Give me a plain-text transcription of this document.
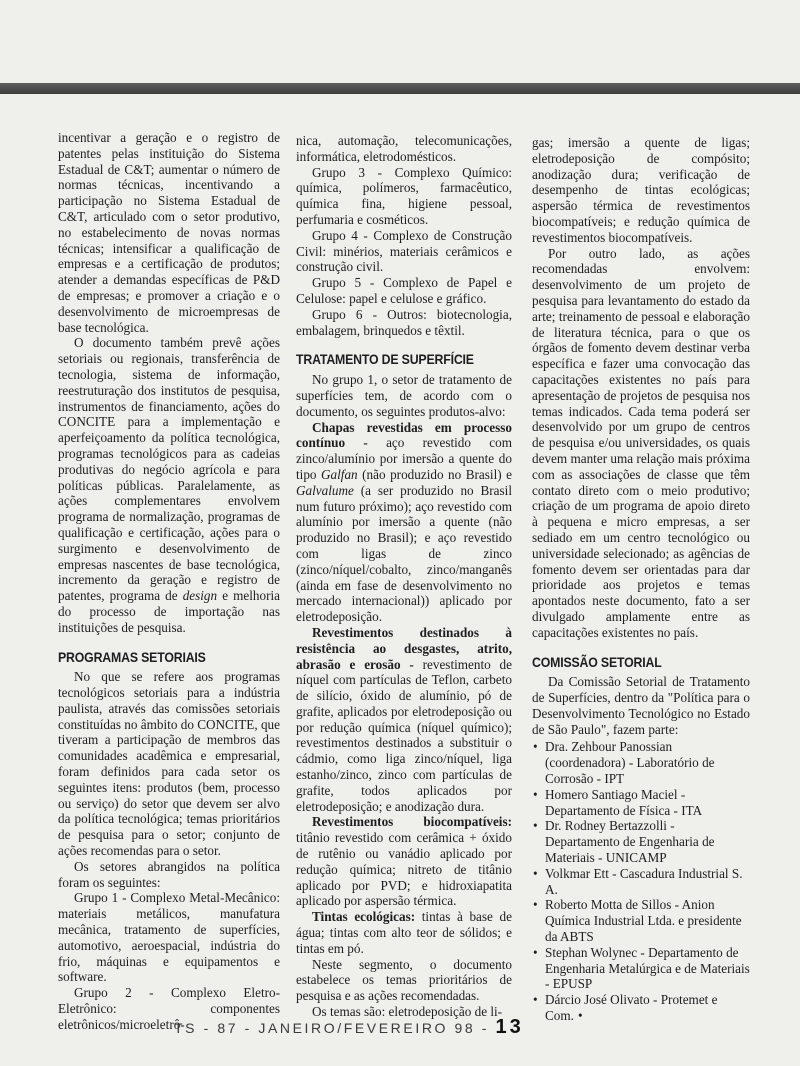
incentivar a geração e o registro de patentes pelas instituição do Sistema Estadual de C&T; aumentar o número de normas técnicas, incentivando a participação no Sistema Estadual de C&T, articulado com o setor produtivo, no estabelecimento de novas normas técnicas; intensificar a qualificação de empresas e a certificação de produtos; atender a demandas específicas de P&D de empresas; e promover a criação e o desenvolvimento de microempresas de base tecnológica.

O documento também prevê ações setoriais ou regionais, transferência de tecnologia, sistema de informação, reestruturação dos institutos de pesquisa, instrumentos de financiamento, ações do CONCITE para a implementação e aperfeiçoamento da política tecnológica, programas tecnológicos para as cadeias produtivas do negócio agrícola e para políticas públicas. Paralelamente, as ações complementares envolvem programa de normalização, programas de qualificação e certificação, ações para o surgimento e desenvolvimento de empresas nascentes de base tecnológica, incremento da geração e registro de patentes, programa de design e melhoria do processo de importação nas instituições de pesquisa.

PROGRAMAS SETORIAIS

No que se refere aos programas tecnológicos setoriais para a indústria paulista, através das comissões setoriais constituídas no âmbito do CONCITE, que tiveram a participação de membros das comunidades acadêmica e empresarial, foram definidos para cada setor os seguintes itens: produtos (bem, processo ou serviço) do setor que devem ser alvo da política tecnológica; temas prioritários de pesquisa para o setor; conjunto de ações recomendas para o setor.

Os setores abrangidos na política foram os seguintes:

Grupo 1 - Complexo Metal-Mecânico: materiais metálicos, manufatura mecânica, tratamento de superfícies, automotivo, aeroespacial, indústria do frio, máquinas e equipamentos e software.

Grupo 2 - Complexo Eletro-Eletrônico: componentes eletrônicos/microeletrô-

nica, automação, telecomunicações, informática, eletrodomésticos.

Grupo 3 - Complexo Químico: química, polímeros, farmacêutico, química fina, higiene pessoal, perfumaria e cosméticos.

Grupo 4 - Complexo de Construção Civil: minérios, materiais cerâmicos e construção civil.

Grupo 5 - Complexo de Papel e Celulose: papel e celulose e gráfico.

Grupo 6 - Outros: biotecnologia, embalagem, brinquedos e têxtil.

TRATAMENTO DE SUPERFÍCIE

No grupo 1, o setor de tratamento de superfícies tem, de acordo com o documento, os seguintes produtos-alvo:

Chapas revestidas em processo contínuo - aço revestido com zinco/alumínio por imersão a quente do tipo Galfan (não produzido no Brasil) e Galvalume (a ser produzido no Brasil num futuro próximo); aço revestido com alumínio por imersão a quente (não produzido no Brasil); e aço revestido com ligas de zinco (zinco/níquel/cobalto, zinco/manganês (ainda em fase de desenvolvimento no mercado internacional)) aplicado por eletrodeposição.

Revestimentos destinados à resistência ao desgastes, atrito, abrasão e erosão - revestimento de níquel com partículas de Teflon, carbeto de silício, óxido de alumínio, pó de grafite, aplicados por eletrodeposição ou por redução química (níquel químico); revestimentos destinados a substituir o cádmio, como liga zinco/níquel, liga estanho/zinco, zinco com partículas de grafite, todos aplicados por eletrodeposição; e anodização dura.

Revestimentos biocompatíveis: titânio revestido com cerâmica + óxido de rutênio ou vanádio aplicado por redução química; nitreto de titânio aplicado por PVD; e hidroxiapatita aplicado por aspersão térmica.

Tintas ecológicas: tintas à base de água; tintas com alto teor de sólidos; e tintas em pó.

Neste segmento, o documento estabelece os temas prioritários de pesquisa e as ações recomendadas.

Os temas são: eletrodeposição de li-

gas; imersão a quente de ligas; eletrodeposição de compósito; anodização dura; verificação de desempenho de tintas ecológicas; aspersão térmica de revestimentos biocompatíveis; e redução química de revestimentos biocompatíveis.

Por outro lado, as ações recomendadas envolvem: desenvolvimento de um projeto de pesquisa para levantamento do estado da arte; treinamento de pessoal e elaboração de literatura técnica, para o que os órgãos de fomento devem destinar verba específica e fazer uma convocação das capacitações existentes no país para apresentação de projetos de pesquisa nos temas indicados. Cada tema poderá ser desenvolvido por um grupo de centros de pesquisa e/ou universidades, os quais devem manter uma relação mais próxima com as associações de classe que têm contato direto com o meio produtivo; criação de um programa de apoio direto à pequena e micro empresas, a ser sediado em um centro tecnológico ou universidade selecionado; as agências de fomento devem ser orientadas para dar prioridade aos projetos e temas apontados neste documento, fato a ser divulgado amplamente entre as capacitações existentes no país.

COMISSÃO SETORIAL

Da Comissão Setorial de Tratamento de Superfícies, dentro da "Política para o Desenvolvimento Tecnológico no Estado de São Paulo", fazem parte:

• Dra. Zehbour Panossian (coordenadora) - Laboratório de Corrosão - IPT
• Homero Santiago Maciel - Departamento de Física - ITA
• Dr. Rodney Bertazzolli - Departamento de Engenharia de Materiais - UNICAMP
• Volkmar Ett - Cascadura Industrial S. A.
• Roberto Motta de Sillos - Anion Química Industrial Ltda. e presidente da ABTS
• Stephan Wolynec - Departamento de Engenharia Metalúrgica e de Materiais - EPUSP
• Dárcio José Olivato - Protemet e Com. •
TS - 87 - JANEIRO/FEVEREIRO 98 - 13
